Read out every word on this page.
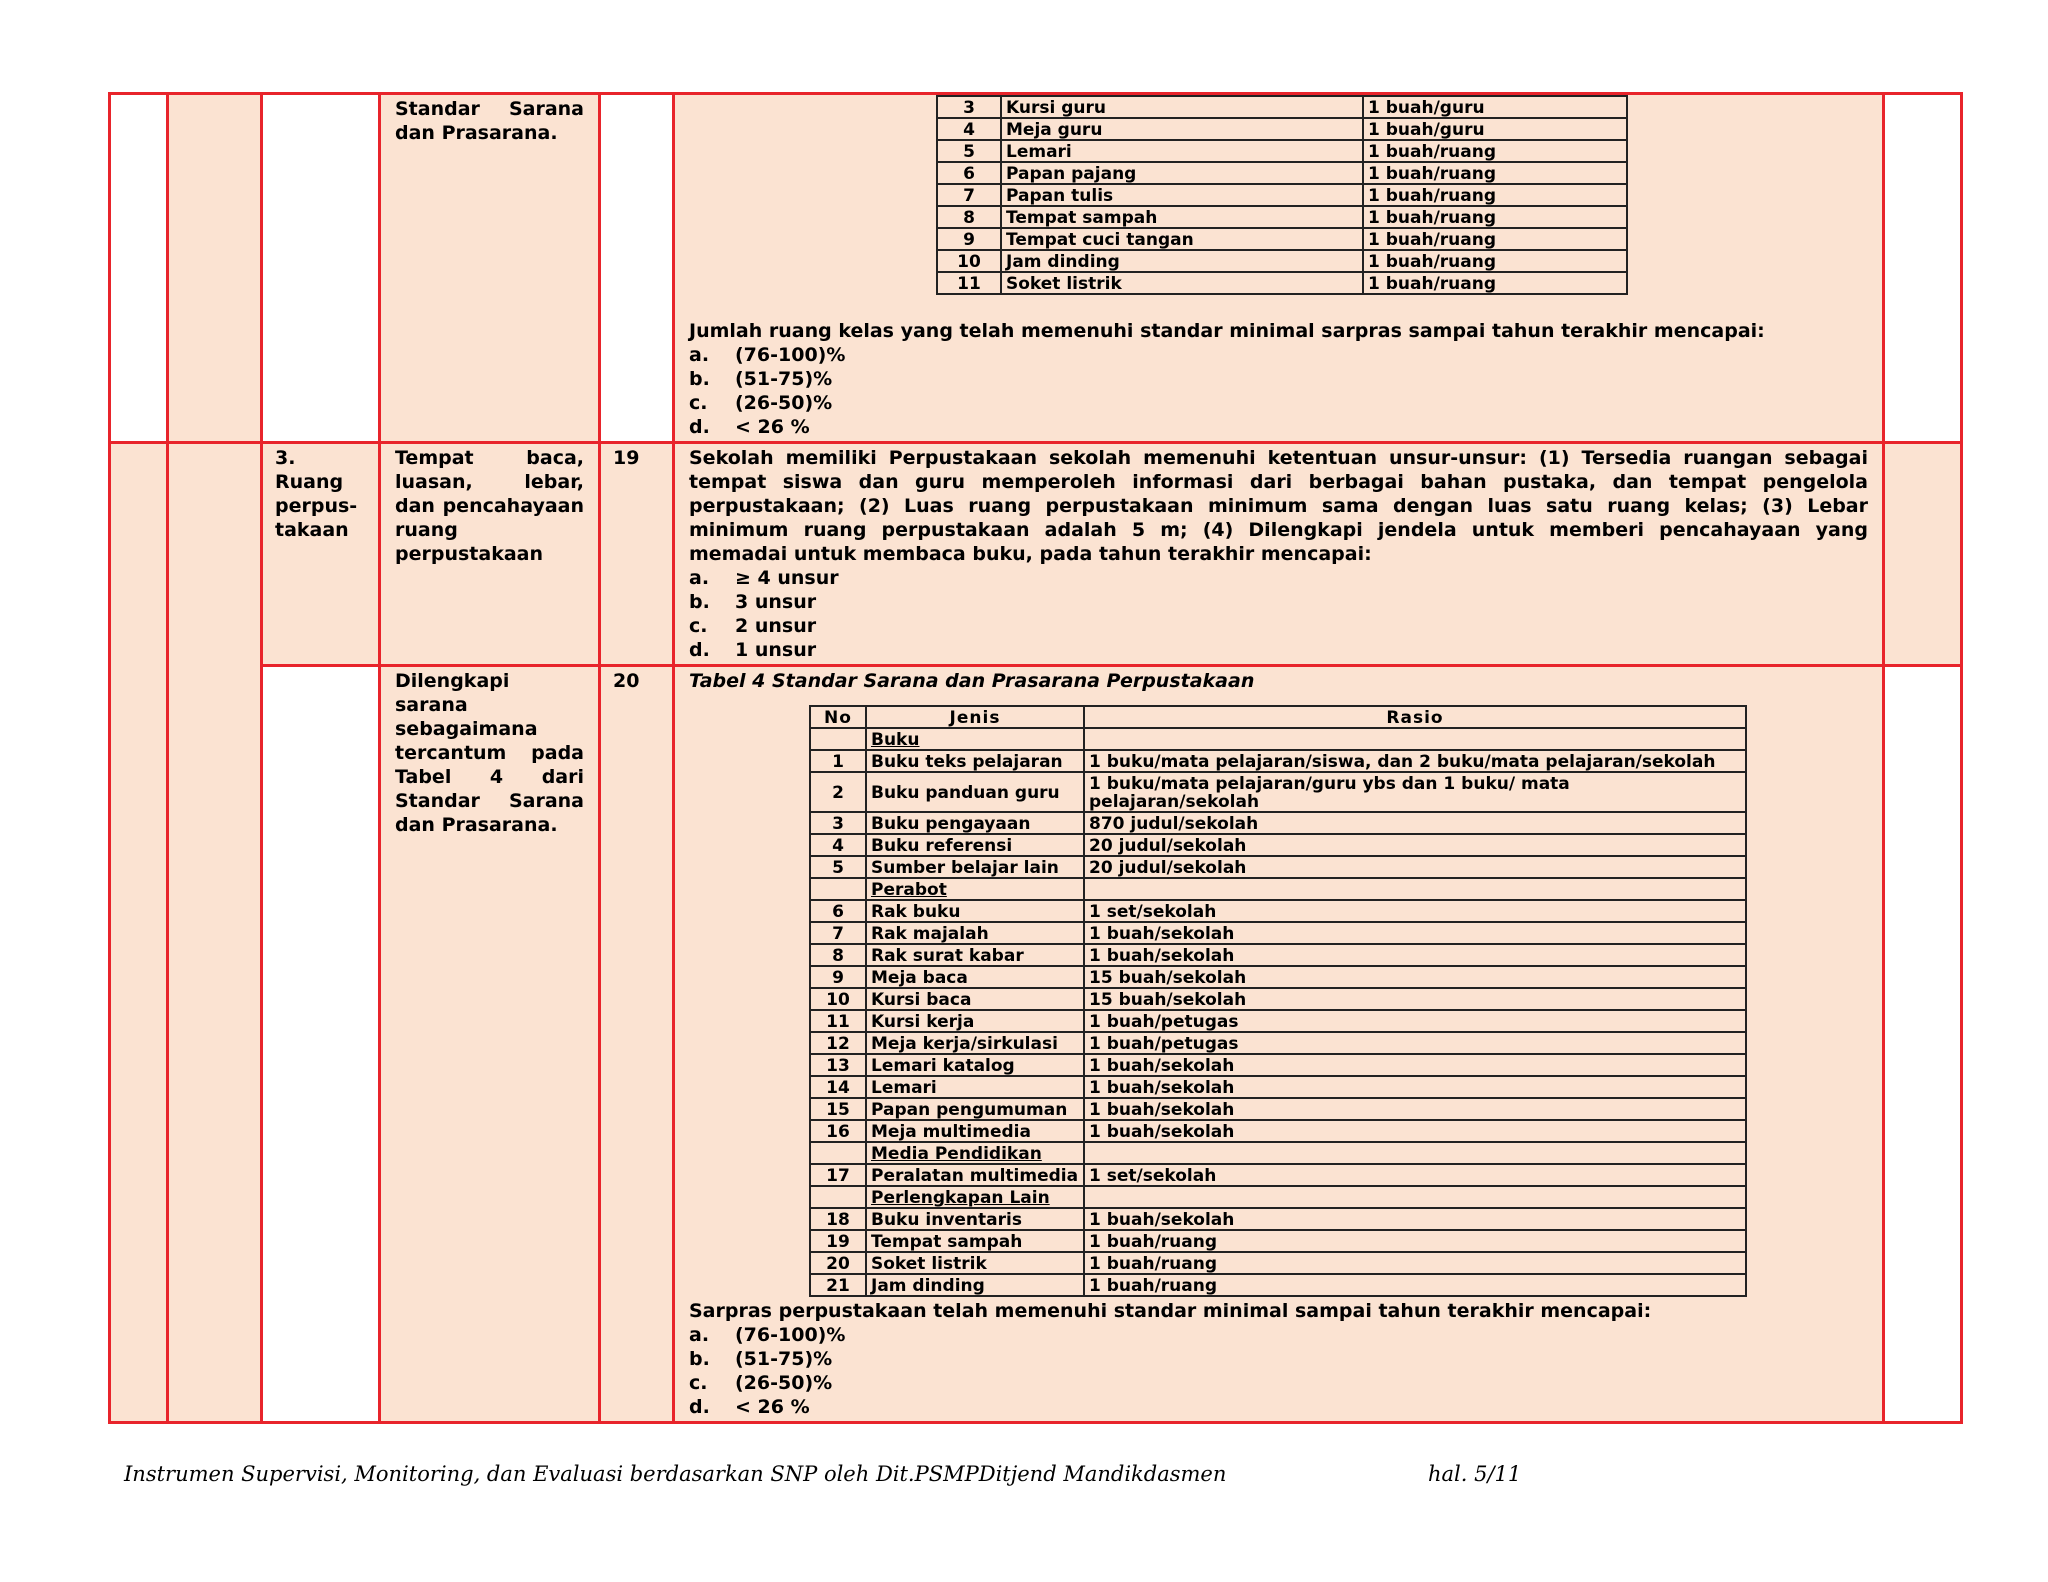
Standar Sarana dan Prasarana.

3	Kursi guru	1 buah/guru
4	Meja guru	1 buah/guru
5	Lemari	1 buah/ruang
6	Papan pajang	1 buah/ruang
7	Papan tulis	1 buah/ruang
8	Tempat sampah	1 buah/ruang
9	Tempat cuci tangan	1 buah/ruang
10	Jam dinding	1 buah/ruang
11	Soket listrik	1 buah/ruang
Jumlah ruang kelas yang telah memenuhi standar minimal sarpras sampai tahun terakhir mencapai:
a.	(76-100)%
b.	(51-75)%
c.	(26-50)%
d.	< 26 %

3. Ruang perpus-takaan

Tempat baca, luasan, lebar, dan pencahayaan ruang perpustakaan

19	Sekolah memiliki Perpustakaan sekolah memenuhi ketentuan unsur-unsur: (1) Tersedia ruangan sebagai tempat siswa dan guru memperoleh informasi dari berbagai bahan pustaka, dan tempat pengelola perpustakaan; (2) Luas ruang perpustakaan minimum sama dengan luas satu ruang kelas; (3) Lebar minimum ruang perpustakaan adalah 5 m; (4) Dilengkapi jendela untuk memberi pencahayaan yang memadai untuk membaca buku, pada tahun terakhir mencapai:
a.	≥ 4 unsur
b.	3 unsur
c.	2 unsur
d.	1 unsur

Dilengkapi sarana sebagaimana tercantum pada Tabel 4 dari Standar Sarana dan Prasarana.

20	Tabel 4 Standar Sarana dan Prasarana Perpustakaan
No	Jenis	Rasio
	Buku	
1	Buku teks pelajaran	1 buku/mata pelajaran/siswa, dan 2 buku/mata pelajaran/sekolah
2	Buku panduan guru	1 buku/mata pelajaran/guru ybs dan 1 buku/ mata pelajaran/sekolah
3	Buku pengayaan	870 judul/sekolah
4	Buku referensi	20 judul/sekolah
5	Sumber belajar lain	20 judul/sekolah
	Perabot	
6	Rak buku	1 set/sekolah
7	Rak majalah	1 buah/sekolah
8	Rak surat kabar	1 buah/sekolah
9	Meja baca	15 buah/sekolah
10	Kursi baca	15 buah/sekolah
11	Kursi kerja	1 buah/petugas
12	Meja kerja/sirkulasi	1 buah/petugas
13	Lemari katalog	1 buah/sekolah
14	Lemari	1 buah/sekolah
15	Papan pengumuman	1 buah/sekolah
16	Meja multimedia	1 buah/sekolah
	Media Pendidikan	
17	Peralatan multimedia	1 set/sekolah
	Perlengkapan Lain	
18	Buku inventaris	1 buah/sekolah
19	Tempat sampah	1 buah/ruang
20	Soket listrik	1 buah/ruang
21	Jam dinding	1 buah/ruang
Sarpras perpustakaan telah memenuhi standar minimal sampai tahun terakhir mencapai:
a.	(76-100)%
b.	(51-75)%
c.	(26-50)%
d.	< 26 %

Instrumen Supervisi, Monitoring, dan Evaluasi berdasarkan SNP oleh Dit.PSMPDitjend Mandikdasmen	hal. 5/11
